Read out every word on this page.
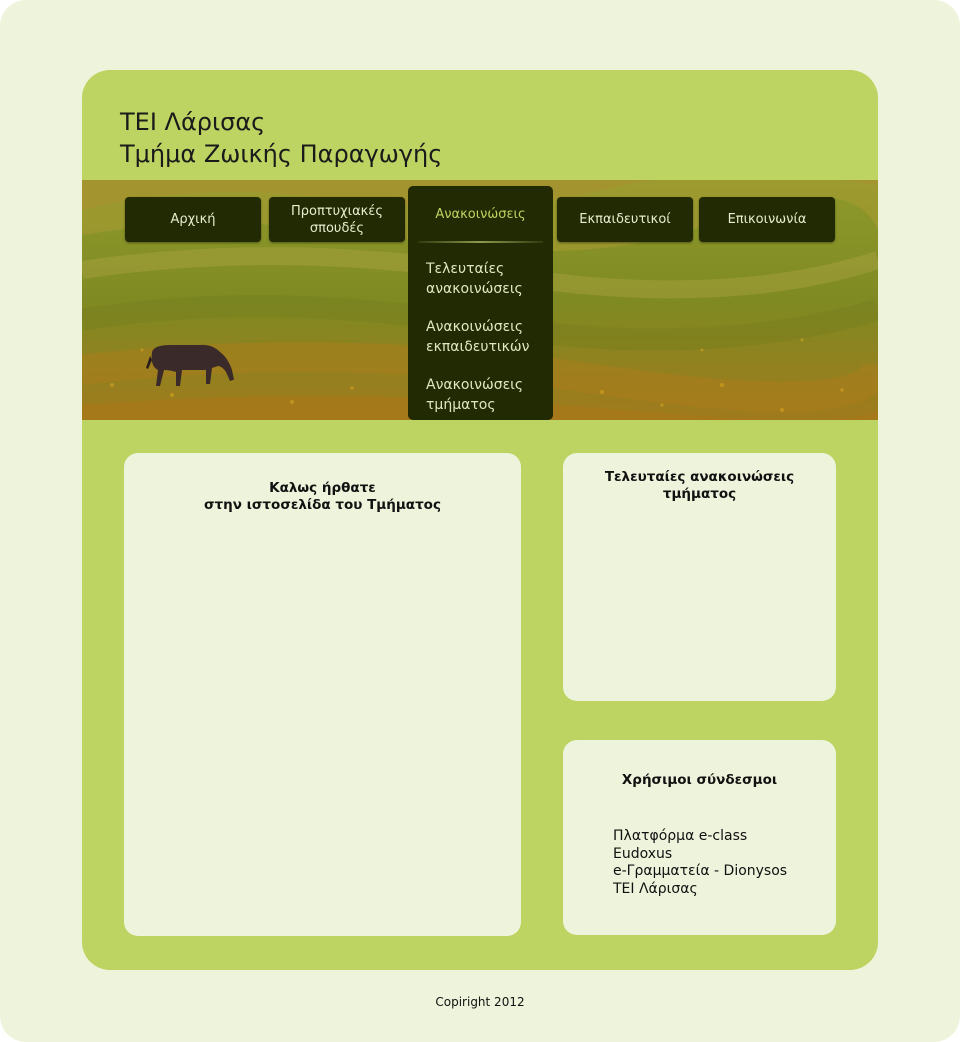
ΤΕΙ Λάρισας
Τμήμα Ζωικής Παραγωγής
Αρχική
Προπτυχιακές
σπουδές
Ανακοινώσεις
Τελευταίες
ανακοινώσεις
Ανακοινώσεις
εκπαιδευτικών
Ανακοινώσεις
τμήματος
Εκπαιδευτικοί	Επικοινωνία
Καλως ήρθατε
στην ιστοσελίδα του Τμήματος
Τελευταίες ανακοινώσεις
τμήματος
Χρήσιμοι σύνδεσμοι
Πλατφόρμα e-class
Eudoxus
e-Γραμματεία - Dionysos
ΤΕΙ Λάρισας
Copiright 2012
